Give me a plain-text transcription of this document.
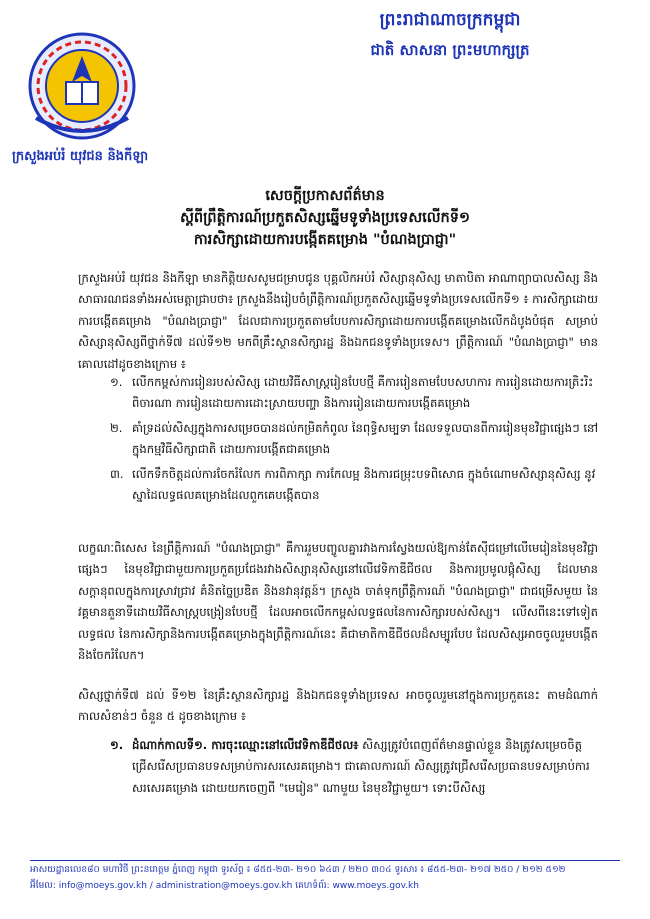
ព្រះរាជាណាចក្រកម្ពុជា
ជាតិ សាសនា ព្រះមហាក្សត្រ
ក្រសួងអប់រំ យុវជន និងកីឡា
សេចក្តីប្រកាសព័ត៌មាន
ស្តីពីព្រឹត្តិការណ៍ប្រកួតសិស្សឆ្នើមទូទាំងប្រទេសលើកទី១
ការសិក្សាដោយការបង្កើតគម្រោង "បំណងប្រាជ្ញា"
ក្រសួងអប់រំ យុវជន និងកីឡា មានកិត្តិយសសូមជម្រាបជូន បុគ្គលិកអប់រំ សិស្សានុសិស្ស មាតាបិតា អាណាព្យាបាលសិស្ស និងសាធារណជនទាំងអស់មេត្តាជ្រាបថា៖ ក្រសួងនឹងរៀបចំព្រឹត្តិការណ៍ប្រកួតសិស្សឆ្នើមទូទាំងប្រទេសលើកទី១ ៖ ការសិក្សាដោយការបង្កើតគម្រោង "បំណងប្រាជ្ញា" ដែលជាការប្រកួតតាមបែបការសិក្សាដោយការបង្កើតគម្រោងលើកដំបូងបំផុត សម្រាប់សិស្សានុសិស្សពីថ្នាក់ទី៧ ដល់ទី១២ មកពីគ្រឹះស្ថានសិក្សារដ្ឋ និងឯកជនទូទាំងប្រទេស។ ព្រឹត្តិការណ៍ "បំណងប្រាជ្ញា" មានគោលដៅដូចខាងក្រោម ៖
១. លើកកម្ពស់ការរៀនរបស់សិស្ស ដោយវិធីសាស្ត្ររៀនបែបថ្មី គឺការរៀនតាមបែបសហការ ការរៀនដោយការត្រិះរិះពិចារណា ការរៀនដោយការដោះស្រាយបញ្ហា និងការរៀនដោយការបង្កើតគម្រោង
២. គាំទ្រដល់សិស្សក្នុងការសម្រេចបានដល់កម្រិតកំពូល នៃពុទ្ធិសម្បទា ដែលទទួលបានពីការរៀនមុខវិជ្ជាផ្សេងៗ នៅក្នុងកម្មវិធីសិក្សាជាតិ ដោយការបង្កើតជាគម្រោង
៣. លើកទឹកចិត្តដល់ការចែករំលែក ការពិភាក្សា ការកែលម្អ និងការជម្រុះបទពិសោធ ក្នុងចំណោមសិស្សានុសិស្ស នូវស្នាដៃលទ្ធផលគម្រោងដែលពួកគេបង្កើតបាន
លក្ខណៈពិសេស នៃព្រឹត្តិការណ៍ "បំណងប្រាជ្ញា" គឺការរួមបញ្ចូលគ្នារវាងការស្វែងយល់ឱ្យកាន់តែស៊ីជម្រៅលើមេរៀននៃមុខវិជ្ជាផ្សេងៗ នៃមុខវិជ្ជាជាមួយការប្រកួតប្រជែងរវាងសិស្សានុសិស្សនៅលើវេទិកាឌីជីថល និងការប្រមូលផ្តុំសិស្ស ដែលមានសក្តានុពលក្នុងការស្រាវជ្រាវ គំនិតច្នៃប្រឌិត និងនវានុវត្តន៍។ ក្រសួង ចាត់ទុកព្រឹត្តិការណ៍ "បំណងប្រាជ្ញា" ជាជម្រើសមួយ នៃវគ្គមានតួនាទីដោយវិធីសាស្ត្របង្រៀនបែបថ្មី ដែលអាចលើកកម្ពស់លទ្ធផលនៃការសិក្សារបស់សិស្ស។ លើសពីនេះទៅទៀតលទ្ធផល នៃការសិក្សានិងការបង្កើតគម្រោងក្នុងព្រឹត្តិការណ៍នេះ គឺជាមាតិកាឌីជីថលដ៏សម្បូរបែប ដែលសិស្សអាចចូលរួមបង្កើត និងចែករំលែក។
សិស្សថ្នាក់ទី៧ ដល់ ទី១២ នៃគ្រឹះស្ថានសិក្សារដ្ឋ និងឯកជនទូទាំងប្រទេស អាចចូលរួមនៅក្នុងការប្រកួតនេះ តាមដំណាក់កាលសំខាន់ៗ ចំនួន ៥ ដូចខាងក្រោម ៖
១. ដំណាក់កាលទី១. ការចុះឈ្មោះនៅលើវេទិកាឌីជីថល៖ សិស្សត្រូវបំពេញព័ត៌មានផ្ទាល់ខ្លួន និងត្រូវសម្រេចចិត្តជ្រើសរើសប្រធានបទសម្រាប់ការសរសេរគម្រោង។ ជាគោលការណ៍ សិស្សត្រូវជ្រើសរើសប្រធានបទសម្រាប់ការសរសេរគម្រោង ដោយយកចេញពី "មេរៀន" ណាមួយ នៃមុខវិជ្ជាមួយ។ ទោះបីសិស្ស
អាសយដ្ឋានលេខ៨០ មហាវិថី ព្រះនរោត្តម ភ្នំពេញ កម្ពុជា ទូរស័ព្ទ ៖ ៨៥៥-២៣- ២១០ ៦៤៣ / ២២០ ៣០៤ ទូរសារ ៖ ៨៥៥-២៣- ២១៧ ២៥០ / ២១២ ៥១២
អ៊ីមែល: info@moeys.gov.kh / administration@moeys.gov.kh គេហទំព័រ: www.moeys.gov.kh
